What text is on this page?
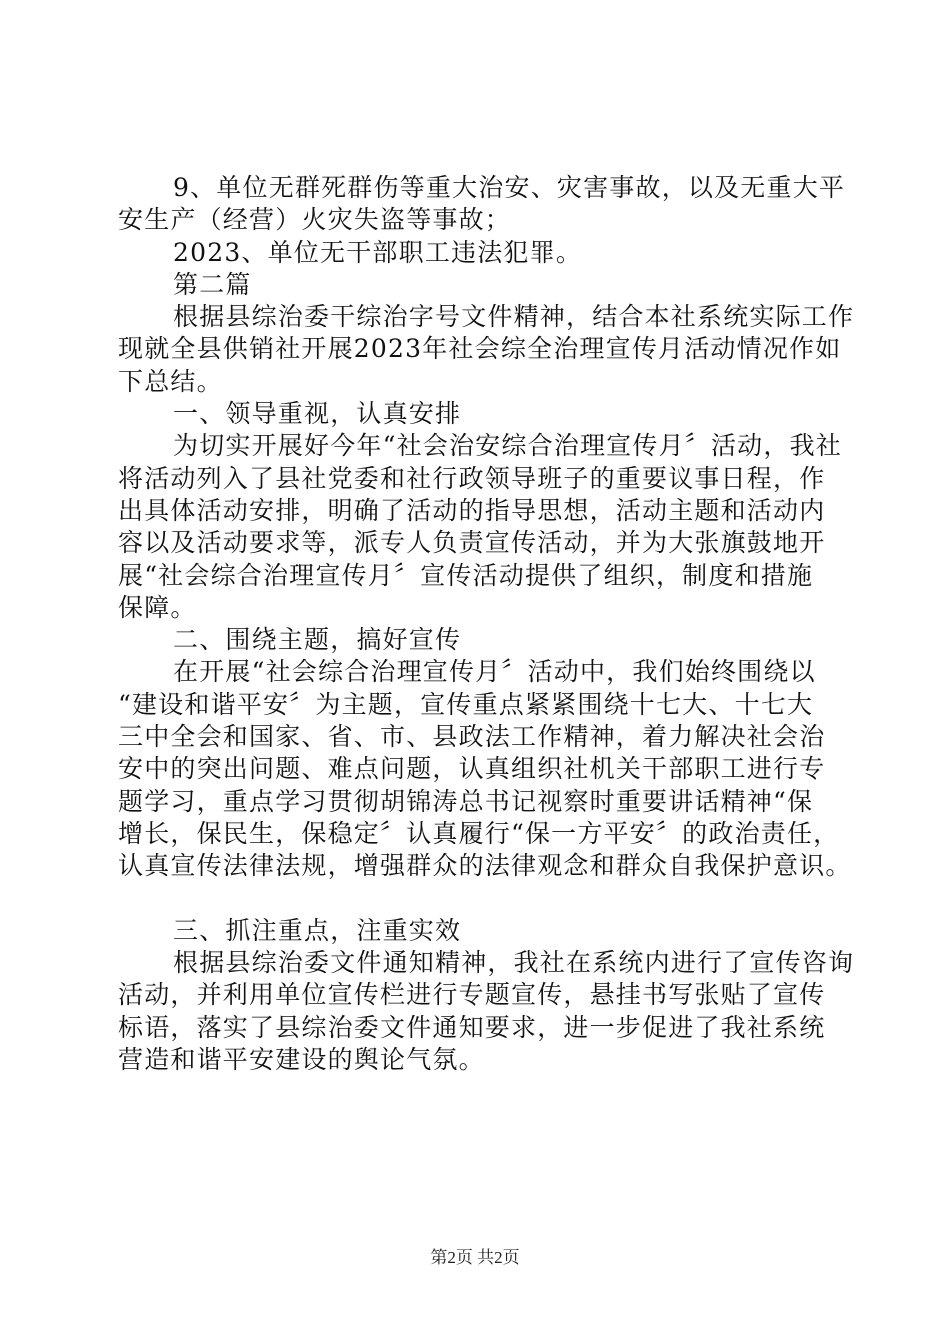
9、单位无群死群伤等重大治安、灾害事故，以及无重大平
安生产（经营）火灾失盗等事故；
2023、单位无干部职工违法犯罪。
第二篇
根据县综治委干综治字号文件精神，结合本社系统实际工作
现就全县供销社开展2023年社会综全治理宣传月活动情况作如
下总结。
一、领导重视，认真安排
为切实开展好今年“社会治安综合治理宣传月〞活动，我社
将活动列入了县社党委和社行政领导班子的重要议事日程，作
出具体活动安排，明确了活动的指导思想，活动主题和活动内
容以及活动要求等，派专人负责宣传活动，并为大张旗鼓地开
展“社会综合治理宣传月〞宣传活动提供了组织，制度和措施
保障。
二、围绕主题，搞好宣传
在开展“社会综合治理宣传月〞活动中，我们始终围绕以
“建设和谐平安〞为主题，宣传重点紧紧围绕十七大、十七大
三中全会和国家、省、市、县政法工作精神，着力解决社会治
安中的突出问题、难点问题，认真组织社机关干部职工进行专
题学习，重点学习贯彻胡锦涛总书记视察时重要讲话精神“保
增长，保民生，保稳定〞认真履行“保一方平安〞的政治责任，
认真宣传法律法规，增强群众的法律观念和群众自我保护意识。
三、抓注重点，注重实效
根据县综治委文件通知精神，我社在系统内进行了宣传咨询
活动，并利用单位宣传栏进行专题宣传，悬挂书写张贴了宣传
标语，落实了县综治委文件通知要求，进一步促进了我社系统
营造和谐平安建设的舆论气氛。
第2页 共2页
